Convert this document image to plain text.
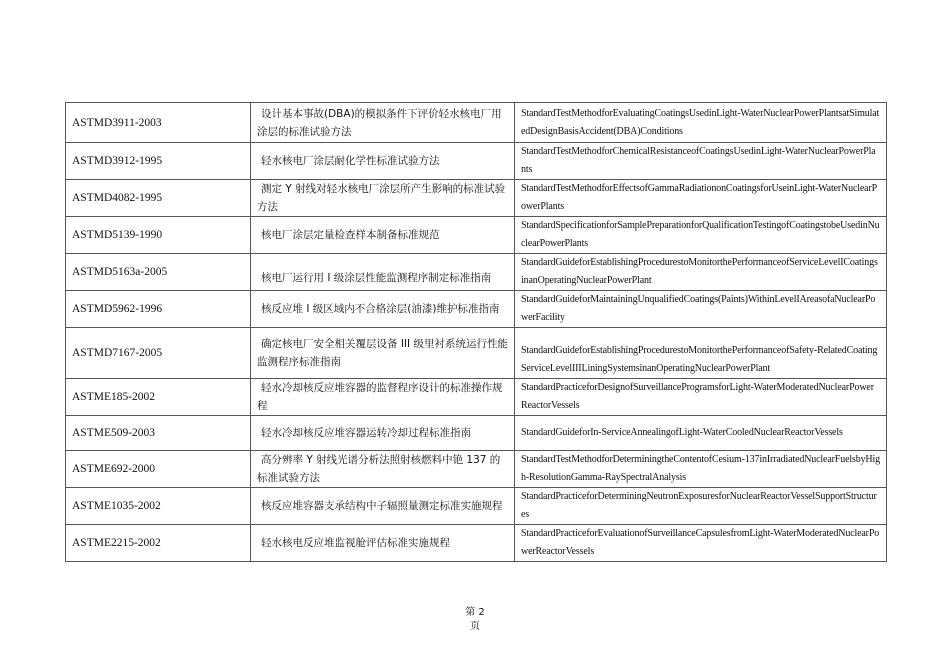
ASTMD3911-2003	设计基本事故(DBA)的模拟条件下评价轻水核电厂用涂层的标准试验方法	StandardTestMethodforEvaluatingCoatingsUsedinLight-WaterNuclearPowerPlantsatSimulatedDesignBasisAccident(DBA)Conditions
ASTMD3912-1995	轻水核电厂涂层耐化学性标准试验方法	StandardTestMethodforChemicalResistanceofCoatingsUsedinLight-WaterNuclearPowerPlants
ASTMD4082-1995	测定 Y 射线对轻水核电厂涂层所产生影响的标准试验方法	StandardTestMethodforEffectsofGammaRadiationonCoatingsforUseinLight-WaterNuclearPowerPlants
ASTMD5139-1990	核电厂涂层定量检查样本制备标准规范	StandardSpecificationforSamplePreparationforQualificationTestingofCoatingstobeUsedinNuclearPowerPlants
ASTMD5163a-2005	核电厂运行用 I 级涂层性能监测程序制定标准指南	StandardGuideforEstablishingProcedurestoMonitorthePerformanceofServiceLevelICoatingsinanOperatingNuclearPowerPlant
ASTMD5962-1996	核反应堆 I 级区域内不合格涂层(油漆)维护标准指南	StandardGuideforMaintainingUnqualifiedCoatings(Paints)WithinLevelIAreasofaNuclearPowerFacility
ASTMD7167-2005	确定核电厂安全相关覆层设备 III 级里衬系统运行性能监测程序标准指南	StandardGuideforEstablishingProcedurestoMonitorthePerformanceofSafety-RelatedCoatingServiceLevelIIILiningSystemsinanOperatingNuclearPowerPlant
ASTME185-2002	轻水冷却核反应堆容器的监督程序设计的标准操作规程	StandardPracticeforDesignofSurveillanceProgramsforLight-WaterModeratedNuclearPowerReactorVessels
ASTME509-2003	轻水冷却核反应堆容器运转冷却过程标准指南	StandardGuideforIn-ServiceAnnealingofLight-WaterCooledNuclearReactorVessels
ASTME692-2000	高分辨率 Y 射线光谱分析法照射核燃料中铯 137 的标准试验方法	StandardTestMethodforDeterminingtheContentofCesium-137inIrradiatedNuclearFuelsbyHigh-ResolutionGamma-RaySpectralAnalysis
ASTME1035-2002	核反应堆容器支承结构中子辐照量测定标准实施规程	StandardPracticeforDeterminingNeutronExposuresforNuclearReactorVesselSupportStructures
ASTME2215-2002	轻水核电反应堆监视舱评估标准实施规程	StandardPracticeforEvaluationofSurveillanceCapsulesfromLight-WaterModeratedNuclearPowerReactorVessels
第 2
页
